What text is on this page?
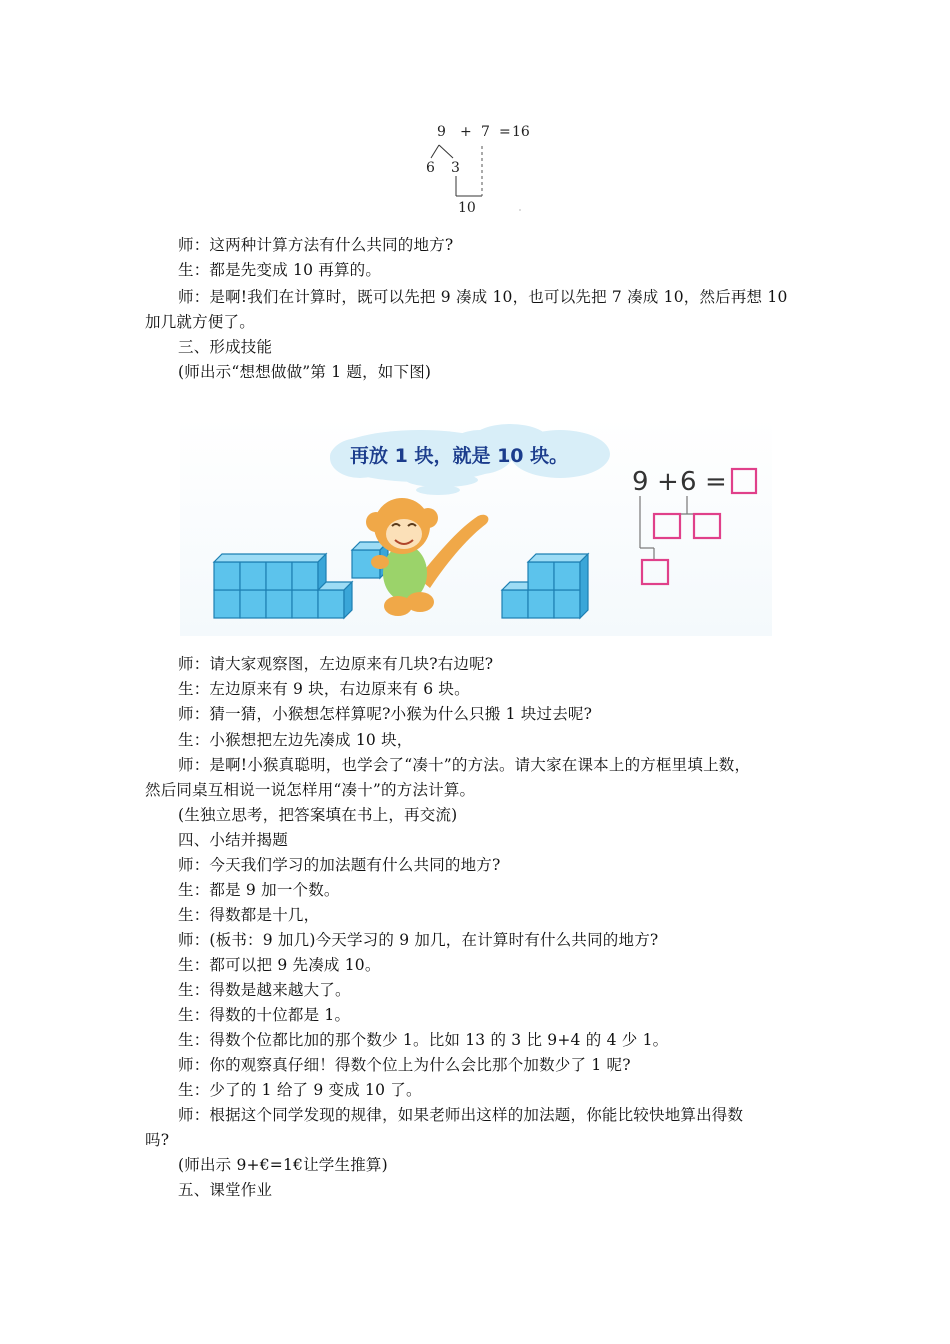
9 + 7 = 16
6 3
10
师：这两种计算方法有什么共同的地方?
生：都是先变成 10 再算的。
师：是啊!我们在计算时，既可以先把 9 凑成 10，也可以先把 7 凑成 10，然后再想 10
加几就方便了。
三、形成技能
(师出示“想想做做”第 1 题，如下图)
再放 1 块，就是 10 块。
9 + 6 =
师：请大家观察图，左边原来有几块?右边呢?
生：左边原来有 9 块，右边原来有 6 块。
师：猜一猜，小猴想怎样算呢?小猴为什么只搬 1 块过去呢?
生：小猴想把左边先凑成 10 块，
师：是啊!小猴真聪明，也学会了“凑十”的方法。请大家在课本上的方框里填上数，
然后同桌互相说一说怎样用“凑十”的方法计算。
(生独立思考，把答案填在书上，再交流)
四、小结并揭题
师：今天我们学习的加法题有什么共同的地方?
生：都是 9 加一个数。
生：得数都是十几，
师：(板书：9 加几)今天学习的 9 加几，在计算时有什么共同的地方?
生：都可以把 9 先凑成 10。
生：得数是越来越大了。
生：得数的十位都是 1。
生：得数个位都比加的那个数少 1。比如 13 的 3 比 9+4 的 4 少 1。
师：你的观察真仔细！得数个位上为什么会比那个加数少了 1 呢?
生：少了的 1 给了 9 变成 10 了。
师：根据这个同学发现的规律，如果老师出这样的加法题，你能比较快地算出得数
吗?
(师出示 9+€=1€让学生推算)
五、课堂作业
